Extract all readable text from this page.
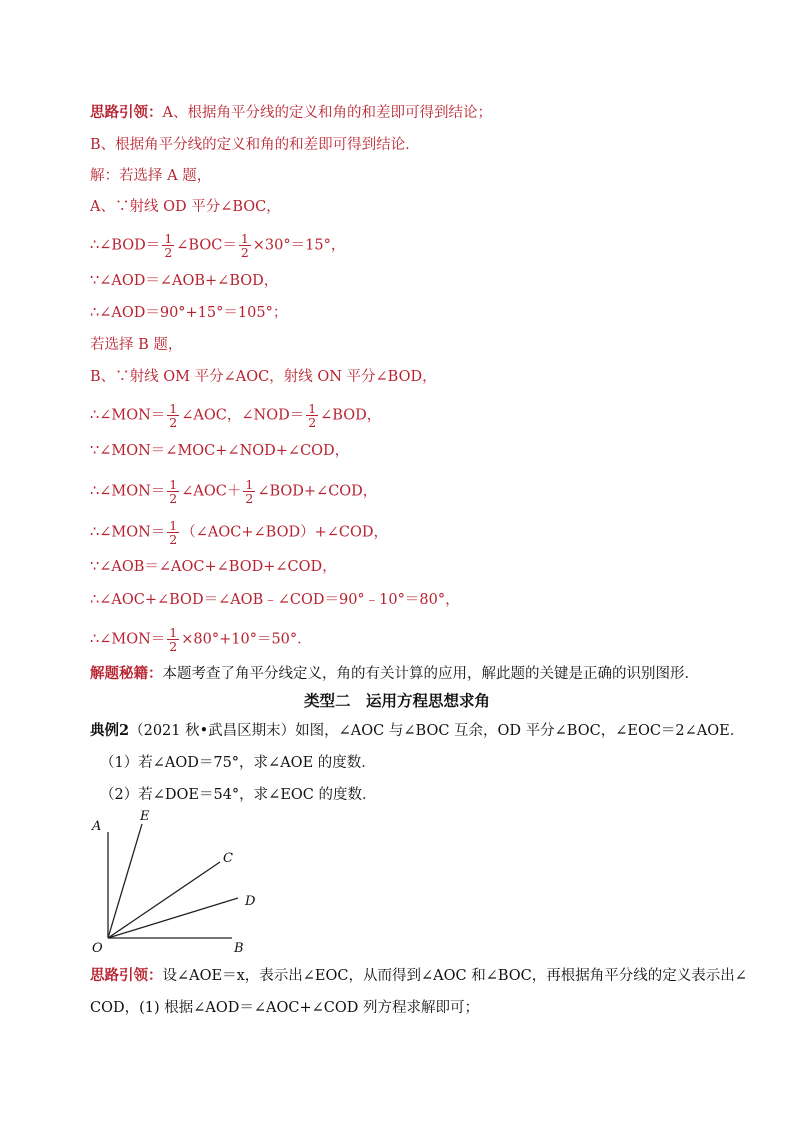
思路引领：A、根据角平分线的定义和角的和差即可得到结论；
B、根据角平分线的定义和角的和差即可得到结论．
解：若选择 A 题，
A、∵射线 OD 平分∠BOC，
∴∠BOD＝ $\frac{1}{2}$ ∠BOC＝ $\frac{1}{2} \times 30^\circ=15^\circ$，
∵∠AOD＝∠AOB+∠BOD，
∴∠AOD＝90°+15°＝105°；
若选择 B 题，
B、∵射线 OM 平分∠AOC，射线 ON 平分∠BOD，
∴∠MON＝ $\frac{1}{2}$ ∠AOC，∠NOD＝ $\frac{1}{2}$ ∠BOD，
∵∠MON＝∠MOC+∠NOD+∠COD，
∴∠MON＝ $\frac{1}{2}$ ∠AOC＋ $\frac{1}{2}$ ∠BOD+∠COD，
∴∠MON＝ $\frac{1}{2}$ （∠AOC+∠BOD）+∠COD，
∵∠AOB＝∠AOC+∠BOD+∠COD，
∴∠AOC+∠BOD＝∠AOB﹣∠COD＝90°﹣10°＝80°，
∴∠MON＝ $\frac{1}{2} \times 80^\circ+10^\circ=50^\circ$．
解题秘籍：本题考查了角平分线定义，角的有关计算的应用，解此题的关键是正确的识别图形．
类型二　运用方程思想求角
典例2（2021 秋•武昌区期末）如图，∠AOC 与∠BOC 互余，OD 平分∠BOC，∠EOC＝2∠AOE．
（1）若∠AOD＝75°，求∠AOE 的度数．
（2）若∠DOE＝54°，求∠EOC 的度数．
A
E
C
D
O	B
思路引领：设∠AOE＝x，表示出∠EOC，从而得到∠AOC 和∠BOC，再根据角平分线的定义表示出∠
COD，(1) 根据∠AOD＝∠AOC+∠COD 列方程求解即可；
